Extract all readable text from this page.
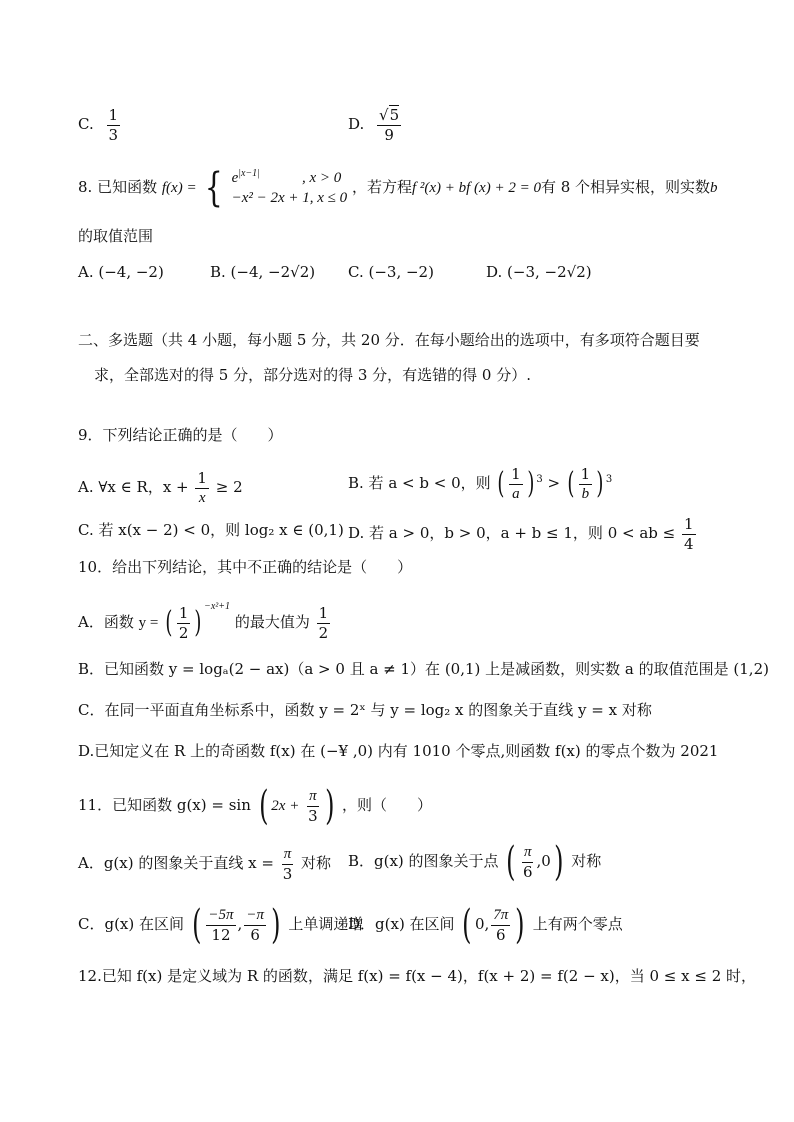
C. $\frac{1}{3}$	D. $\frac{√5}{9}$
8. 已知函数 f(x) = { $e^{|x-1|}$	, x > 0
−x² − 2x + 1, x ≤ 0
，若方程f ²(x) + bf (x) + 2 = 0有 8 个相异实根，则实数b
的取值范围
A. (−4, −2)	B. (−4, −2√2) C. (−3, −2)	D. (−3, −2√2)
二、多选题（共 4 小题，每小题 5 分，共 20 分．在每小题给出的选项中，有多项符合题目要
求，全部选对的得 5 分，部分选对的得 3 分，有选错的得 0 分）.
9．下列结论正确的是（　　）
A. ∀x ∈ R，$x + \frac{1}{x} \ge 2$	B. 若 a < b < 0，则 ( $\frac{1}{a}$ ) $^3$ > ( $\frac{1}{b}$ ) $^3$
C. 若 x(x − 2) < 0，则 log₂ x ∈ (0,1) D. 若 a > 0，b > 0，a + b ≤ 1，则 0 < ab ≤ $\frac{1}{4}$
10．给出下列结论，其中不正确的结论是（　　）
A．函数 y = ( $\frac{1}{2}$ ) $^{-x^2+1}$ 的最大值为 $\frac{1}{2}$
B．已知函数 y = logₐ(2 − ax)（a > 0 且 a ≠ 1）在 (0,1) 上是减函数，则实数 a 的取值范围是 (1,2)
C．在同一平面直角坐标系中，函数 y = 2ˣ 与 y = log₂ x 的图象关于直线 y = x 对称
D.已知定义在 R 上的奇函数 f(x) 在 (−¥ ,0) 内有 1010 个零点,则函数 f(x) 的零点个数为 2021
11．已知函数 g(x) = sin ( $2x + \frac{\pi}{3}$ ) ，则（　　）
A．g(x) 的图象关于直线 $x = \frac{\pi}{3}$ 对称 B．g(x) 的图象关于点 ( $\frac{\pi}{6} ,0$) 对称
C．g(x) 在区间 ( $\frac{-5\pi}{12}$ , $\frac{-\pi}{6}$ ) 上单调递增
D．g(x) 在区间 ( 0, $\frac{7\pi}{6}$ ) 上有两个零点
12.已知 f(x) 是定义域为 R 的函数，满足 f(x) = f(x − 4)，f(x + 2) = f(2 − x)，当 0 ≤ x ≤ 2 时，
